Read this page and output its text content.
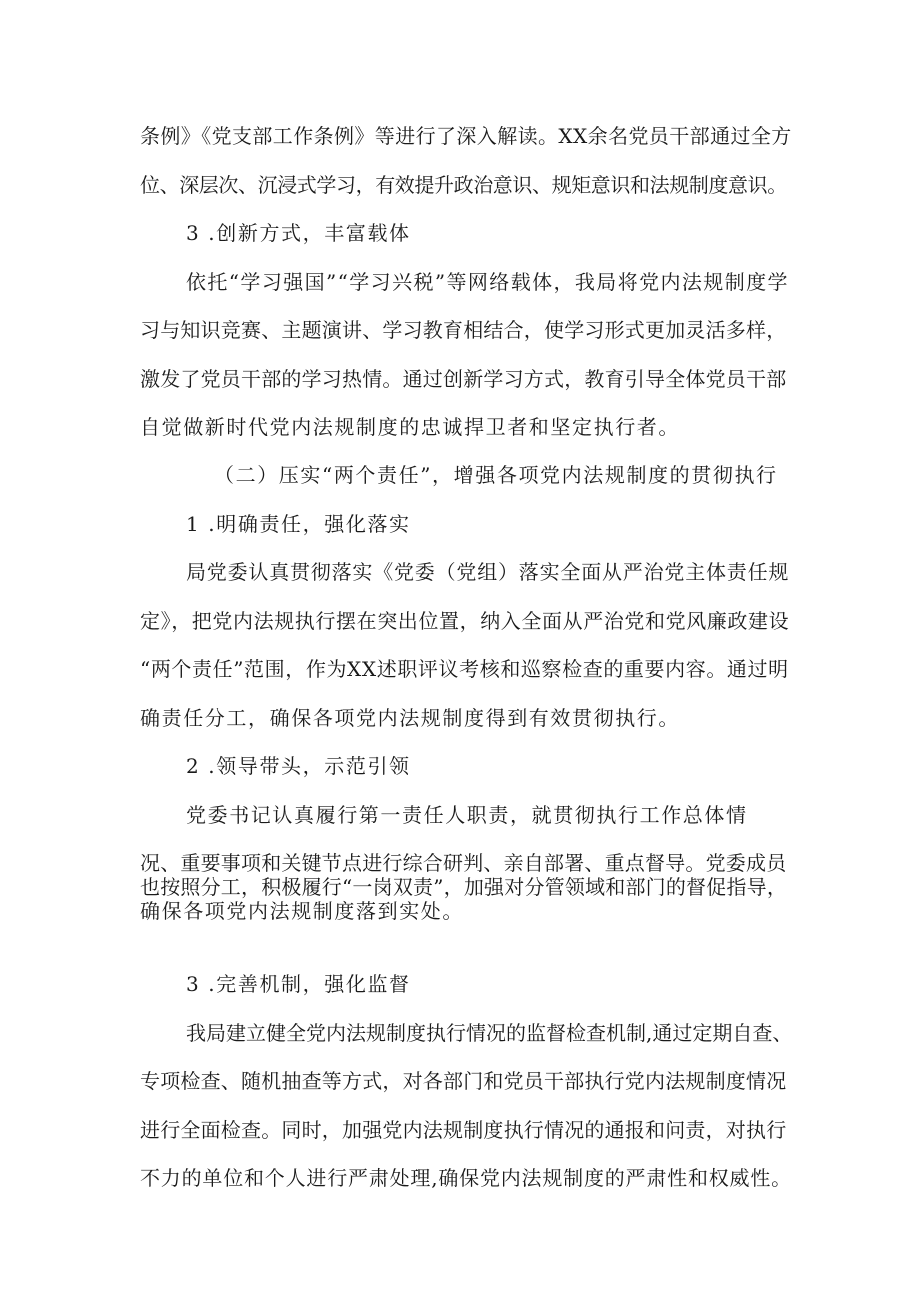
条例》《党支部工作条例》等进行了深入解读。XX余名党员干部通过全方
位、深层次、沉浸式学习，有效提升政治意识、规矩意识和法规制度意识。
3 .创新方式，丰富载体
依托“学习强国”“学习兴税”等网络载体，我局将党内法规制度学
习与知识竞赛、主题演讲、学习教育相结合，使学习形式更加灵活多样，
激发了党员干部的学习热情。通过创新学习方式，教育引导全体党员干部
自觉做新时代党内法规制度的忠诚捍卫者和坚定执行者。
（二）压实“两个责任”，增强各项党内法规制度的贯彻执行
1 .明确责任，强化落实
局党委认真贯彻落实《党委（党组）落实全面从严治党主体责任规
定》，把党内法规执行摆在突出位置，纳入全面从严治党和党风廉政建设
“两个责任”范围，作为XX述职评议考核和巡察检查的重要内容。通过明
确责任分工，确保各项党内法规制度得到有效贯彻执行。
2 .领导带头，示范引领
党委书记认真履行第一责任人职责，就贯彻执行工作总体情
况、重要事项和关键节点进行综合研判、亲自部署、重点督导。党委成员
也按照分工，积极履行“一岗双责”，加强对分管领域和部门的督促指导，
确保各项党内法规制度落到实处。
3 .完善机制，强化监督
我局建立健全党内法规制度执行情况的监督检查机制,通过定期自查、
专项检查、随机抽查等方式，对各部门和党员干部执行党内法规制度情况
进行全面检查。同时，加强党内法规制度执行情况的通报和问责，对执行
不力的单位和个人进行严肃处理,确保党内法规制度的严肃性和权威性。
